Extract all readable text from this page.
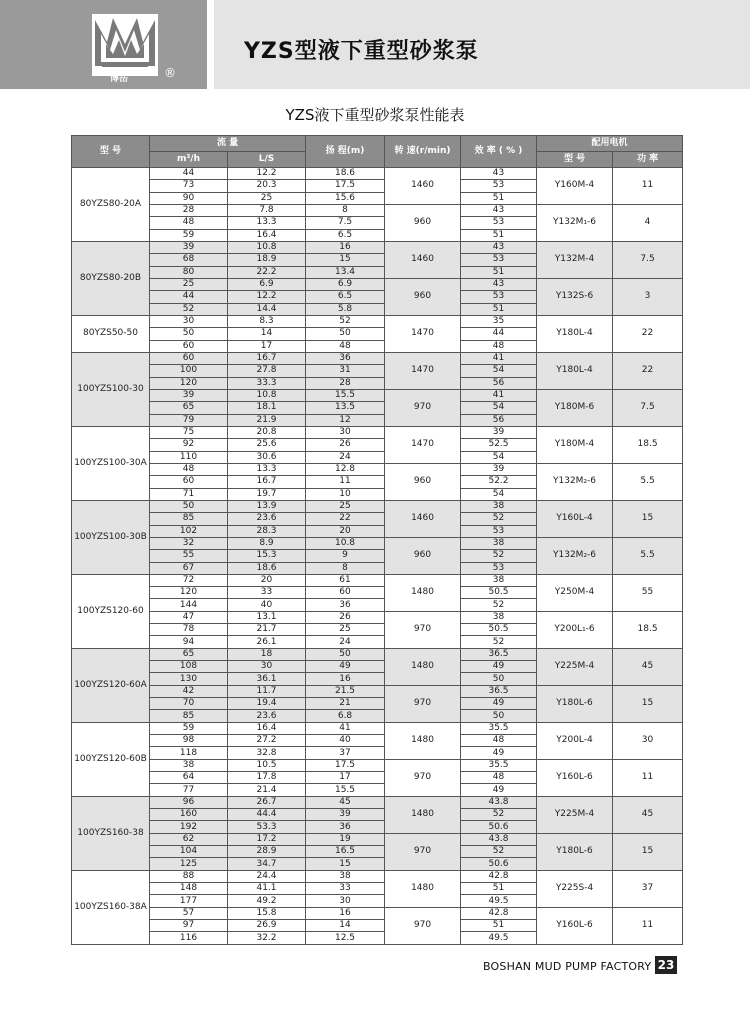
博岳	®
YZS型液下重型砂浆泵
YZS液下重型砂浆泵性能表
型 号	流 量		扬 程(m)	转 速(r/min)	效 率 ( % )	配用电机	
	m³/h	L/S				型 号	功 率
80YZS80-20A	44	12.2	18.6	1460	43	Y160M-4	11
	73	20.3	17.5		53		
	90	25	15.6		51		
	28	7.8	8	960	43	Y132M₁-6	4
	48	13.3	7.5		53		
	59	16.4	6.5		51		
80YZS80-20B	39	10.8	16	1460	43	Y132M-4	7.5
	68	18.9	15		53		
	80	22.2	13.4		51		
	25	6.9	6.9	960	43	Y132S-6	3
	44	12.2	6.5		53		
	52	14.4	5.8		51		
80YZS50-50	30	8.3	52	1470	35	Y180L-4	22
	50	14	50		44		
	60	17	48		48		
100YZS100-30	60	16.7	36	1470	41	Y180L-4	22
	100	27.8	31		54		
	120	33.3	28		56		
	39	10.8	15.5	970	41	Y180M-6	7.5
	65	18.1	13.5		54		
	79	21.9	12		56		
100YZS100-30A	75	20.8	30	1470	39	Y180M-4	18.5
	92	25.6	26		52.5		
	110	30.6	24		54		
	48	13.3	12.8	960	39	Y132M₂-6	5.5
	60	16.7	11		52.2		
	71	19.7	10		54		
100YZS100-30B	50	13.9	25	1460	38	Y160L-4	15
	85	23.6	22		52		
	102	28.3	20		53		
	32	8.9	10.8	960	38	Y132M₂-6	5.5
	55	15.3	9		52		
	67	18.6	8		53		
100YZS120-60	72	20	61	1480	38	Y250M-4	55
	120	33	60		50.5		
	144	40	36		52		
	47	13.1	26	970	38	Y200L₁-6	18.5
	78	21.7	25		50.5		
	94	26.1	24		52		
100YZS120-60A	65	18	50	1480	36.5	Y225M-4	45
	108	30	49		49		
	130	36.1	16		50		
	42	11.7	21.5	970	36.5	Y180L-6	15
	70	19.4	21		49		
	85	23.6	6.8		50		
100YZS120-60B	59	16.4	41	1480	35.5	Y200L-4	30
	98	27.2	40		48		
	118	32.8	37		49		
	38	10.5	17.5	970	35.5	Y160L-6	11
	64	17.8	17		48		
	77	21.4	15.5		49		
100YZS160-38	96	26.7	45	1480	43.8	Y225M-4	45
	160	44.4	39		52		
	192	53.3	36		50.6		
	62	17.2	19	970	43.8	Y180L-6	15
	104	28.9	16.5		52		
	125	34.7	15		50.6		
100YZS160-38A	88	24.4	38	1480	42.8	Y225S-4	37
	148	41.1	33		51		
	177	49.2	30		49.5		
	57	15.8	16	970	42.8	Y160L-6	11
	97	26.9	14		51		
	116	32.2	12.5		49.5		
BOSHAN MUD PUMP FACTORY 23
